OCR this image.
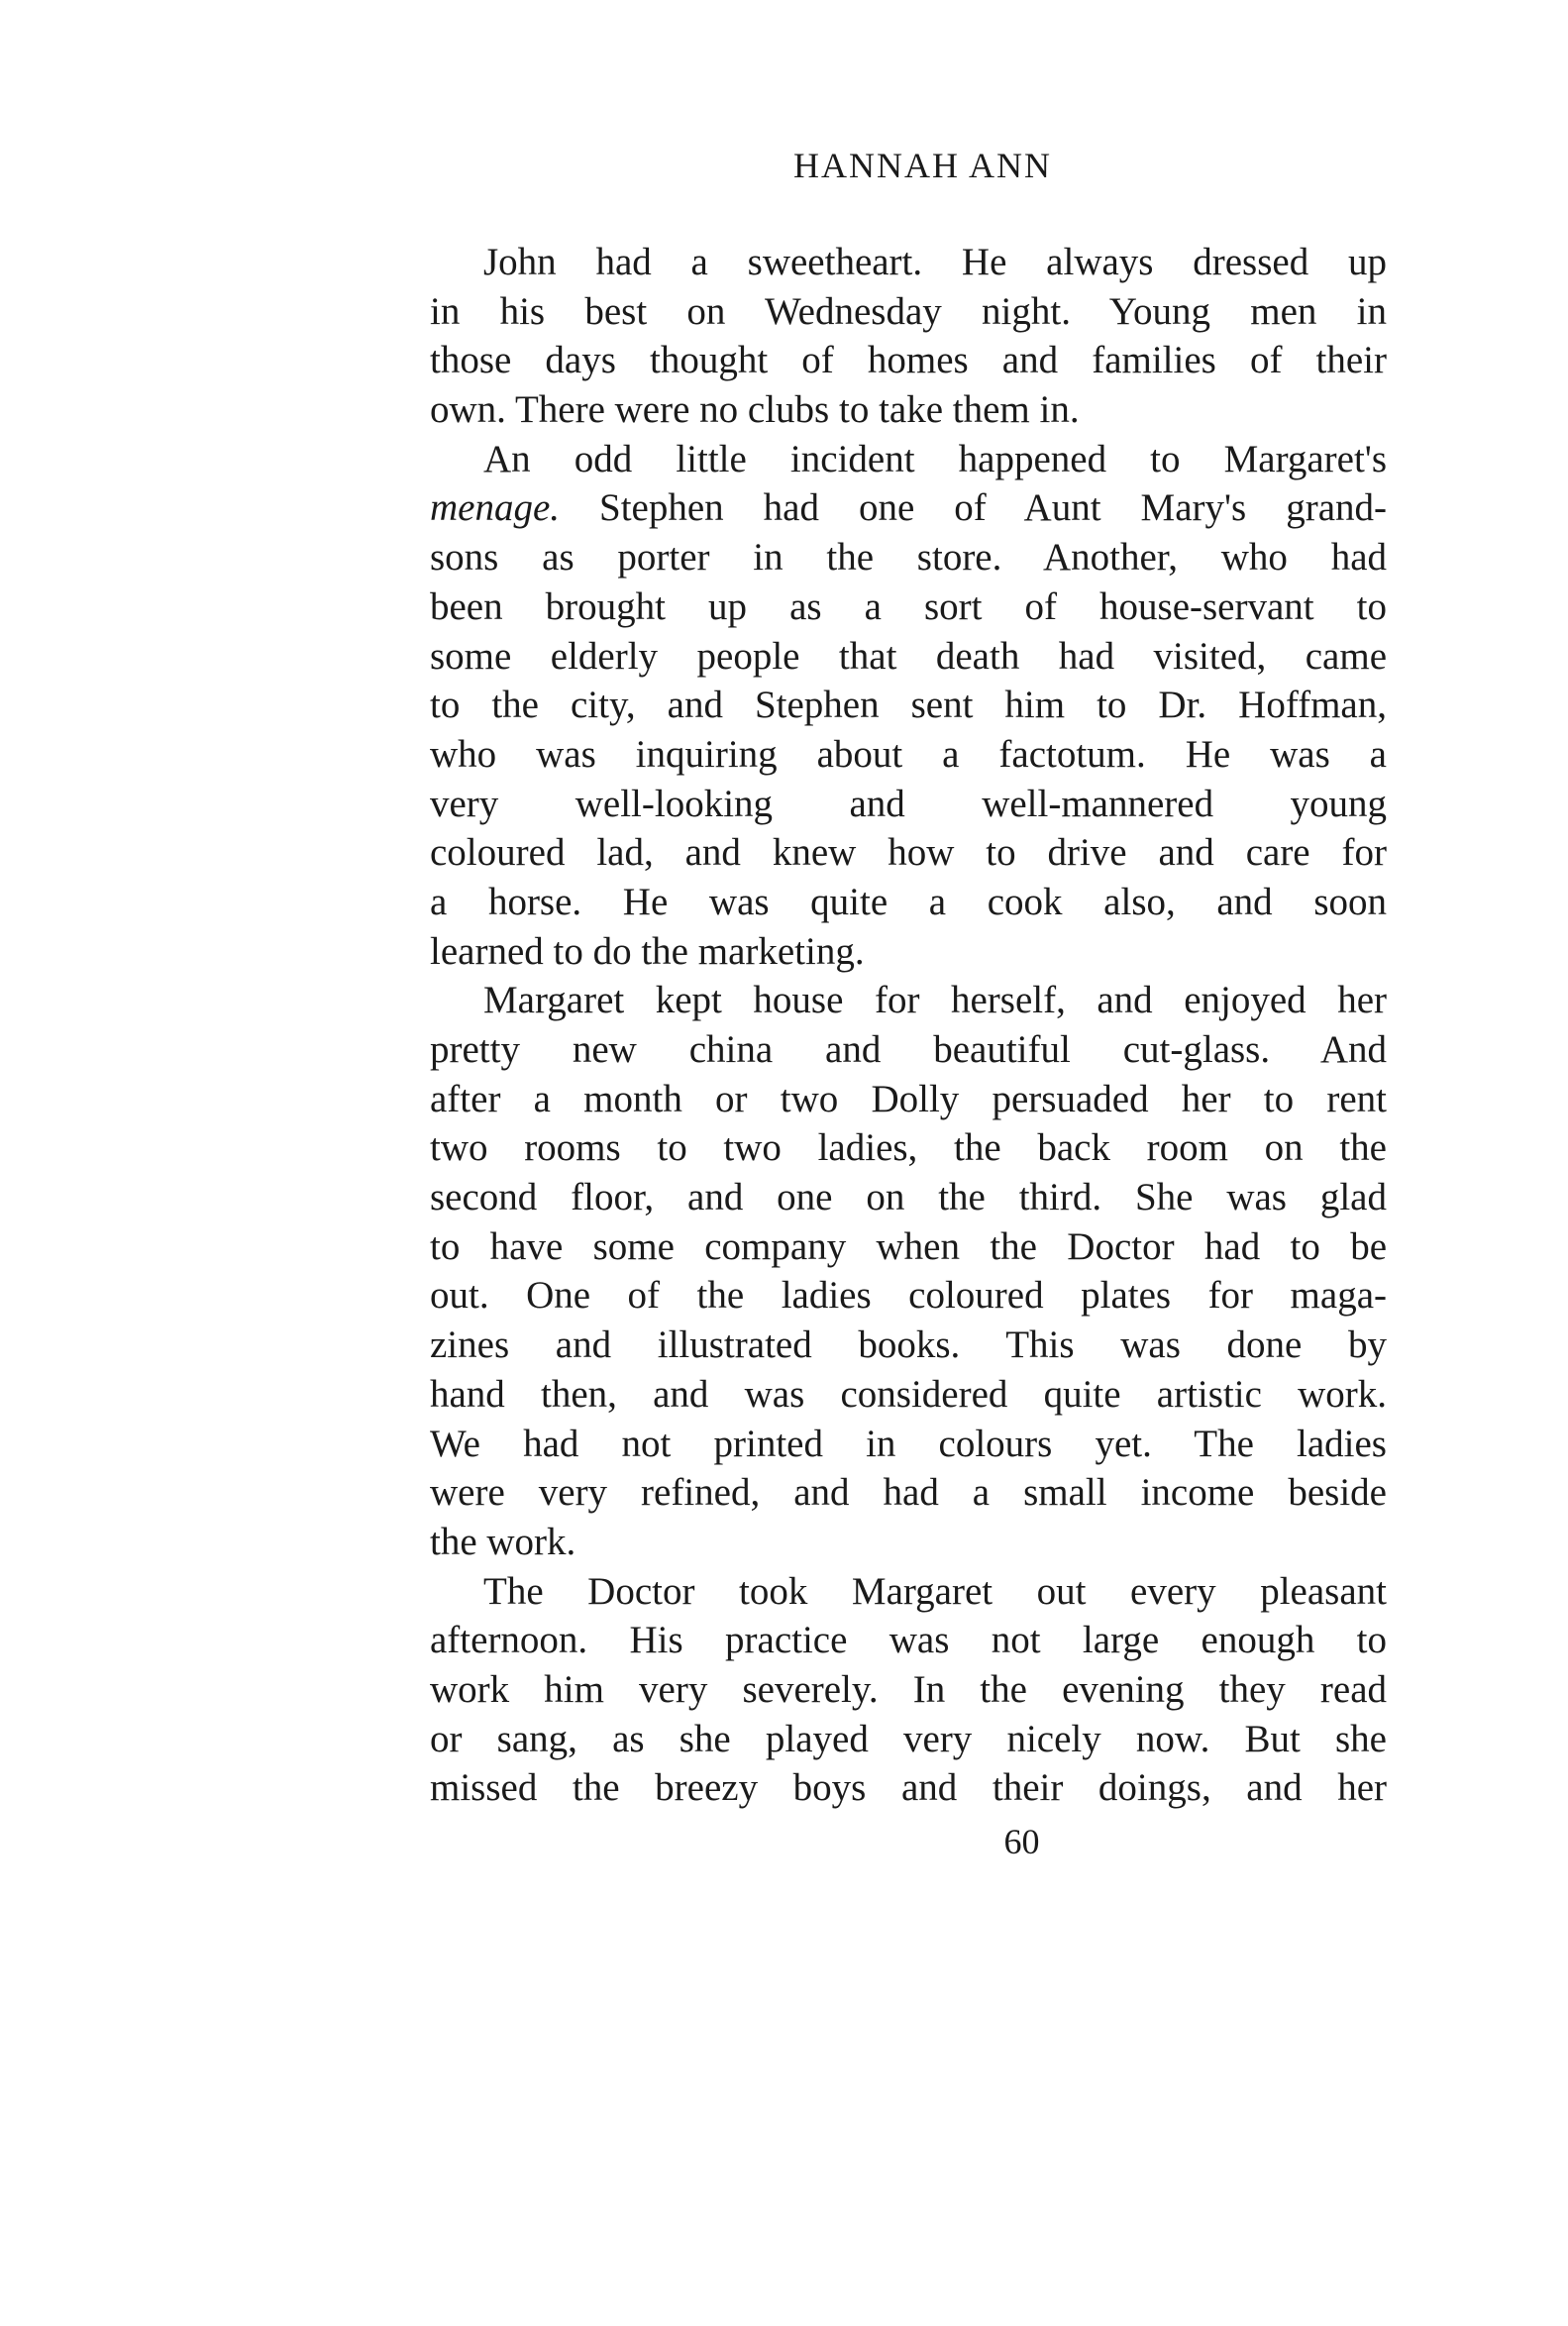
HANNAH ANN
John had a sweetheart. He always dressed up
in his best on Wednesday night. Young men in
those days thought of homes and families of their
own. There were no clubs to take them in.
An odd little incident happened to Margaret's
menage. Stephen had one of Aunt Mary's grand-
sons as porter in the store. Another, who had
been brought up as a sort of house-servant to
some elderly people that death had visited, came
to the city, and Stephen sent him to Dr. Hoffman,
who was inquiring about a factotum. He was a
very well-looking and well-mannered young
coloured lad, and knew how to drive and care for
a horse. He was quite a cook also, and soon
learned to do the marketing.
Margaret kept house for herself, and enjoyed her
pretty new china and beautiful cut-glass. And
after a month or two Dolly persuaded her to rent
two rooms to two ladies, the back room on the
second floor, and one on the third. She was glad
to have some company when the Doctor had to be
out. One of the ladies coloured plates for maga-
zines and illustrated books. This was done by
hand then, and was considered quite artistic work.
We had not printed in colours yet. The ladies
were very refined, and had a small income beside
the work.
The Doctor took Margaret out every pleasant
afternoon. His practice was not large enough to
work him very severely. In the evening they read
or sang, as she played very nicely now. But she
missed the breezy boys and their doings, and her
60
